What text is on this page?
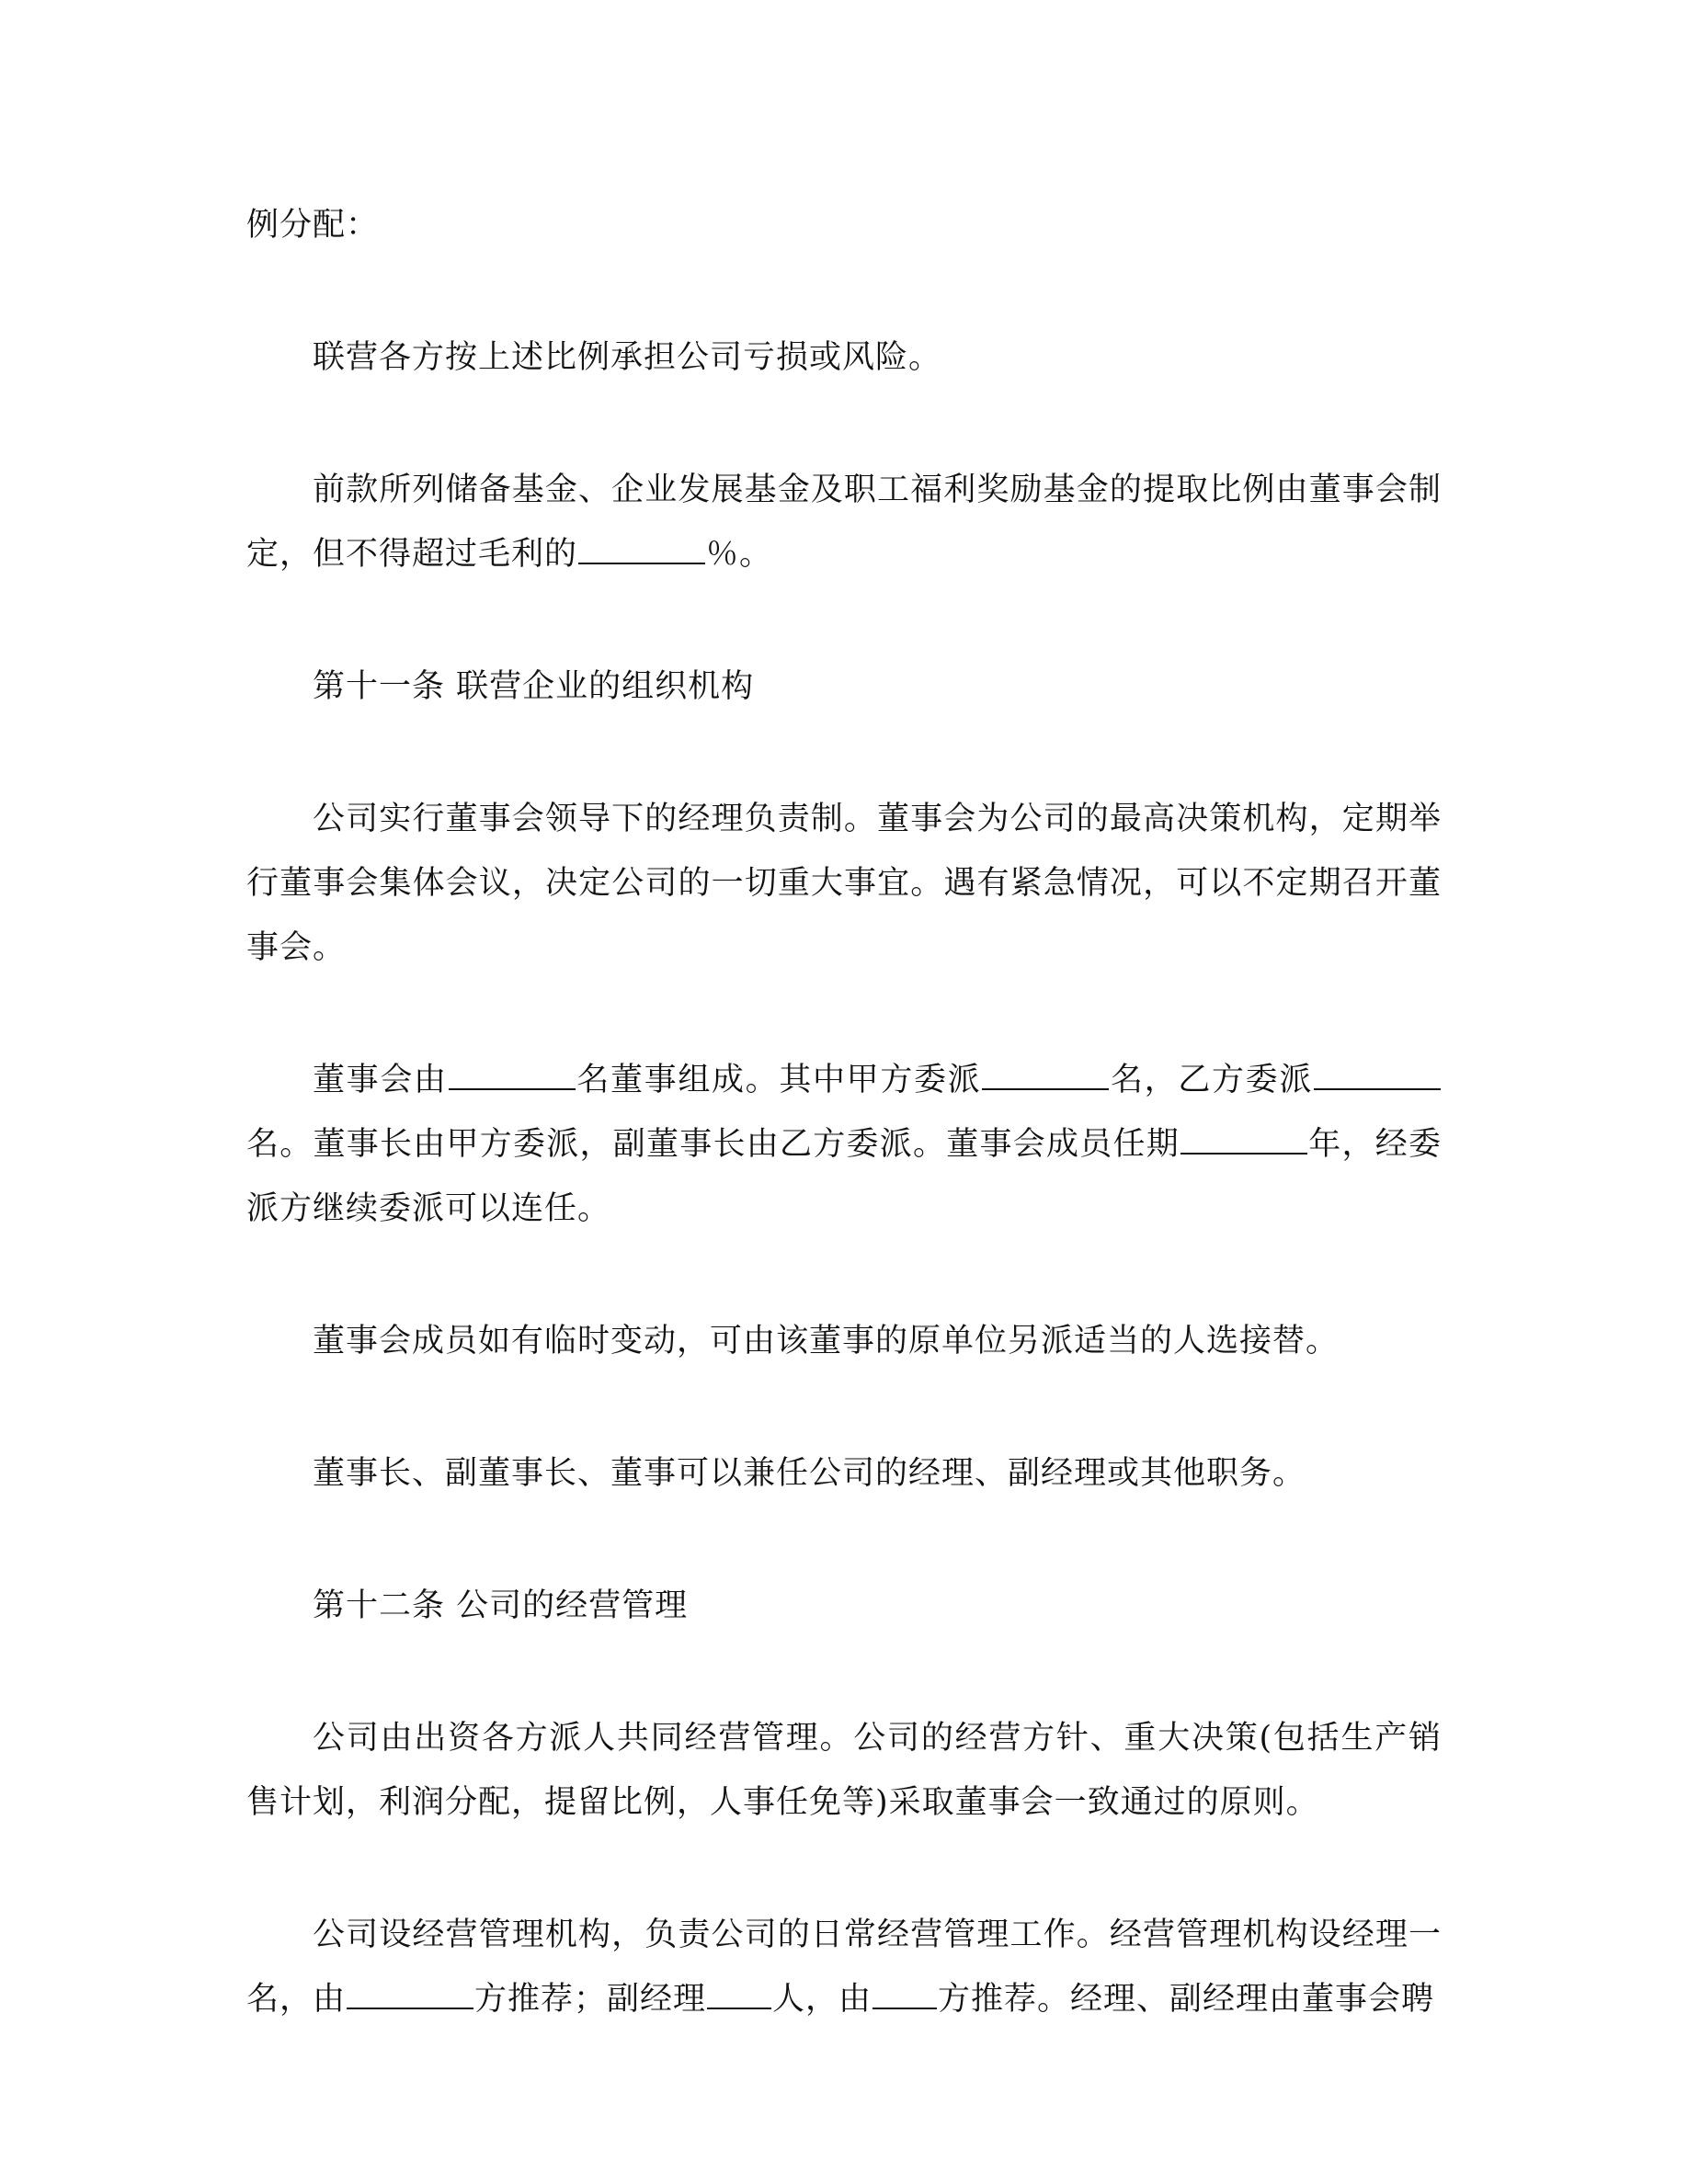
例分配：

联营各方按上述比例承担公司亏损或风险。

前款所列储备基金、企业发展基金及职工福利奖励基金的提取比例由董事会制定，但不得超过毛利的	％。

第十一条 联营企业的组织机构

公司实行董事会领导下的经理负责制。董事会为公司的最高决策机构，定期举行董事会集体会议，决定公司的一切重大事宜。遇有紧急情况，可以不定期召开董事会。

董事会由	名董事组成。其中甲方委派	名，乙方委派名。董事长由甲方委派，副董事长由乙方委派。董事会成员任期	年，经委派方继续委派可以连任。

董事会成员如有临时变动，可由该董事的原单位另派适当的人选接替。

董事长、副董事长、董事可以兼任公司的经理、副经理或其他职务。

第十二条 公司的经营管理

公司由出资各方派人共同经营管理。公司的经营方针、重大决策(包括生产销售计划，利润分配，提留比例，人事任免等)采取董事会一致通过的原则。

公司设经营管理机构，负责公司的日常经营管理工作。经营管理机构设经理一名，由	方推荐；副经理 人，由 方推荐。经理、副经理由董事会聘
